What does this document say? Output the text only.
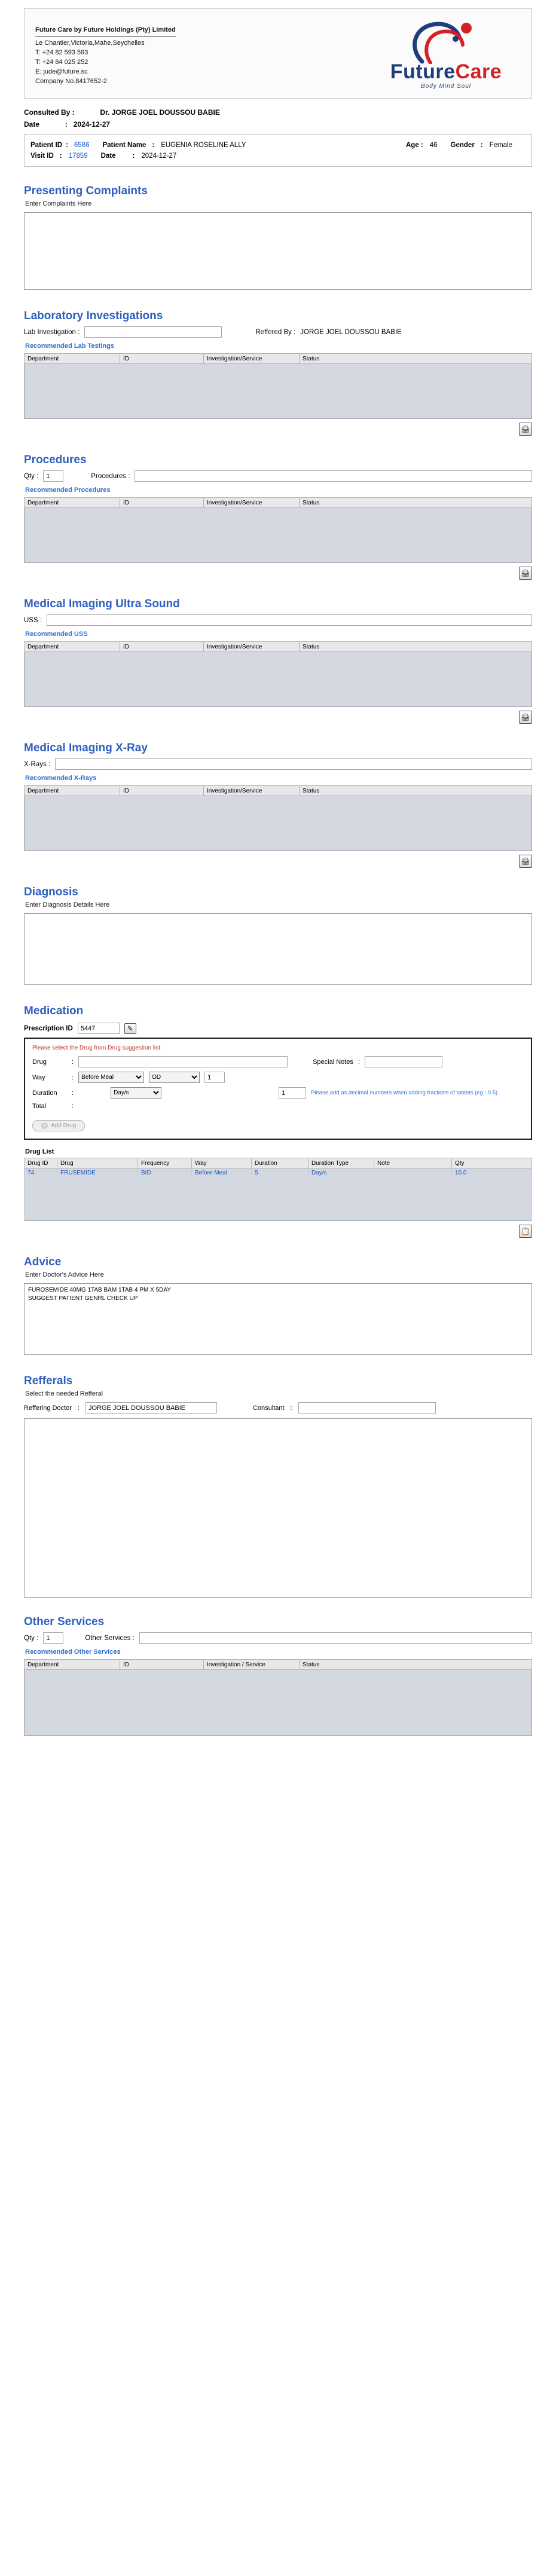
Future Care by Future Holdings (Pty) Limited
Le Chantier,Victoria,Mahe,Seychelles
T: +24 82 593 593
T: +24 84 025 252
E: jude@future.sc
Company No.8417652-2	FutureCare
Body Mind Soul
Consulted By :	Dr. JORGE JOEL DOUSSOU BABIE
Date	: 2024-12-27
Patient ID : 6586 Patient Name : EUGENIA ROSELINE ALLY	Age : 46 Gender : Female
Visit ID : 17859 Date : 2024-12-27
Presenting Complaints
Enter Complaints Here
Laboratory Investigations
Lab Investigation :	Reffered By : JORGE JOEL DOUSSOU BABIE
Recommended Lab Testings
Department	ID	Investigation/Service	Status
🖨
Procedures
Qty :
1	Procedures :
Recommended Procedures
Department	ID	Investigation/Service	Status
🖨
Medical Imaging Ultra Sound
USS :
Recommended USS
Department	ID	Investigation/Service	Status
🖨
Medical Imaging X-Ray
X-Rays :
Recommended X-Rays
Department	ID	Investigation/Service	Status
🖨
Diagnosis
Enter Diagnosis Details Here
Medication
Prescription ID
5447	✎
Please select the Drug from Drug suggestion list
Drug	:	Special Notes :
Way	:
Before Meal
OD
1
Duration	:
Day/s
1	Please add as decimal numbers when adding fractions of tablets (eg : 0.5)
Total	:
+ Add Drug
Drug List
Drug ID	Drug	Frequency	Way	Duration	Duration Type	Note	Qty
74	FRUSEMIDE	BID	Before Meal	5	Day/s		10.0

📋
Advice
Enter Doctor's Advice Here
FUROSEMIDE 40MG 1TAB BAM 1TAB 4 PM X 5DAY SUGGEST PATIENT GENRL CHECK UP
Refferals
Select the needed Refferal
Reffering Doctor :
JORGE JOEL DOUSSOU BABIE	Consultant :
Other Services
Qty :
1	Other Services :
Recommended Other Services
Department	ID	Investigation / Service	Status
